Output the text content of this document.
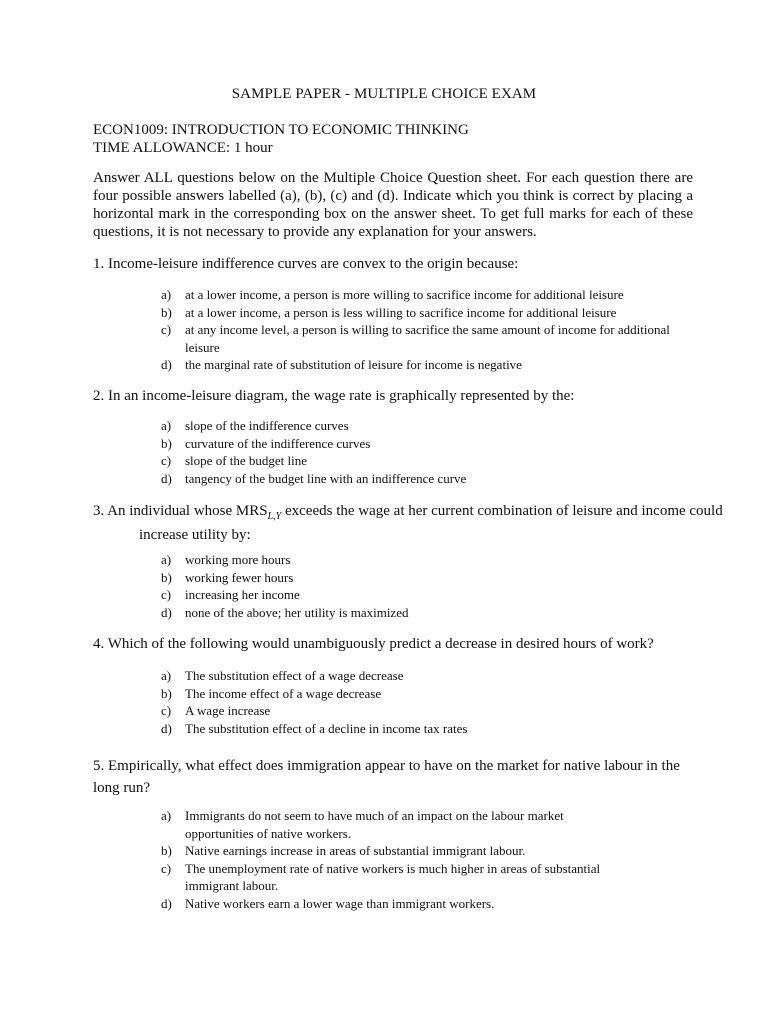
SAMPLE PAPER - MULTIPLE CHOICE EXAM
ECON1009: INTRODUCTION TO ECONOMIC THINKING
TIME ALLOWANCE: 1 hour
Answer ALL questions below on the Multiple Choice Question sheet. For each question there are four possible answers labelled (a), (b), (c) and (d). Indicate which you think is correct by placing a horizontal mark in the corresponding box on the answer sheet. To get full marks for each of these questions, it is not necessary to provide any explanation for your answers.
1. Income-leisure indifference curves are convex to the origin because:
a) at a lower income, a person is more willing to sacrifice income for additional leisure
b) at a lower income, a person is less willing to sacrifice income for additional leisure
c) at any income level, a person is willing to sacrifice the same amount of income for additional leisure
d) the marginal rate of substitution of leisure for income is negative
2. In an income-leisure diagram, the wage rate is graphically represented by the:
a) slope of the indifference curves
b) curvature of the indifference curves
c) slope of the budget line
d) tangency of the budget line with an indifference curve
3. An individual whose $MRS_{L,Y}$ exceeds the wage at her current combination of leisure and income could increase utility by:
a) working more hours
b) working fewer hours
c) increasing her income
d) none of the above; her utility is maximized
4. Which of the following would unambiguously predict a decrease in desired hours of work?
a) The substitution effect of a wage decrease
b) The income effect of a wage decrease
c) A wage increase
d) The substitution effect of a decline in income tax rates
5. Empirically, what effect does immigration appear to have on the market for native labour in the long run?
a) Immigrants do not seem to have much of an impact on the labour market opportunities of native workers.
b) Native earnings increase in areas of substantial immigrant labour.
c) The unemployment rate of native workers is much higher in areas of substantial immigrant labour.
d) Native workers earn a lower wage than immigrant workers.
